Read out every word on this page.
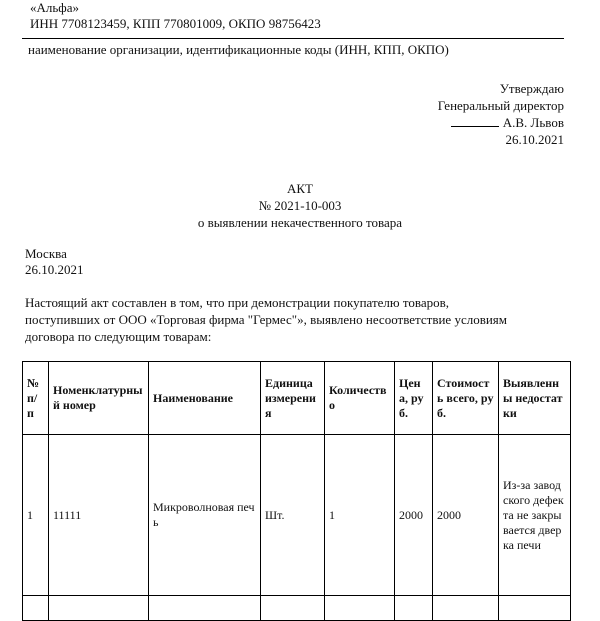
«Альфа»
ИНН 7708123459, КПП 770801009, ОКПО 98756423
наименование организации, идентификационные коды (ИНН, КПП, ОКПО)
Утверждаю
Генеральный директор
А.В. Львов
26.10.2021
АКТ
№ 2021-10-003
о выявлении некачественного товара
Москва
26.10.2021
Настоящий акт составлен в том, что при демонстрации покупателю товаров,
поступивших от ООО «Торговая фирма "Гермес"», выявлено несоответствие условиям
договора по следующим товарам:
№ п/п	Номенклатурный номер	Наименование	Единица измерения	Количество	Цена, руб.	Стоимость всего, руб.	Выявленны недостатки
1	11111	Микроволновая печь	Шт.	1	2000	2000	Из-за заводского дефекта не закрывается дверка печи
